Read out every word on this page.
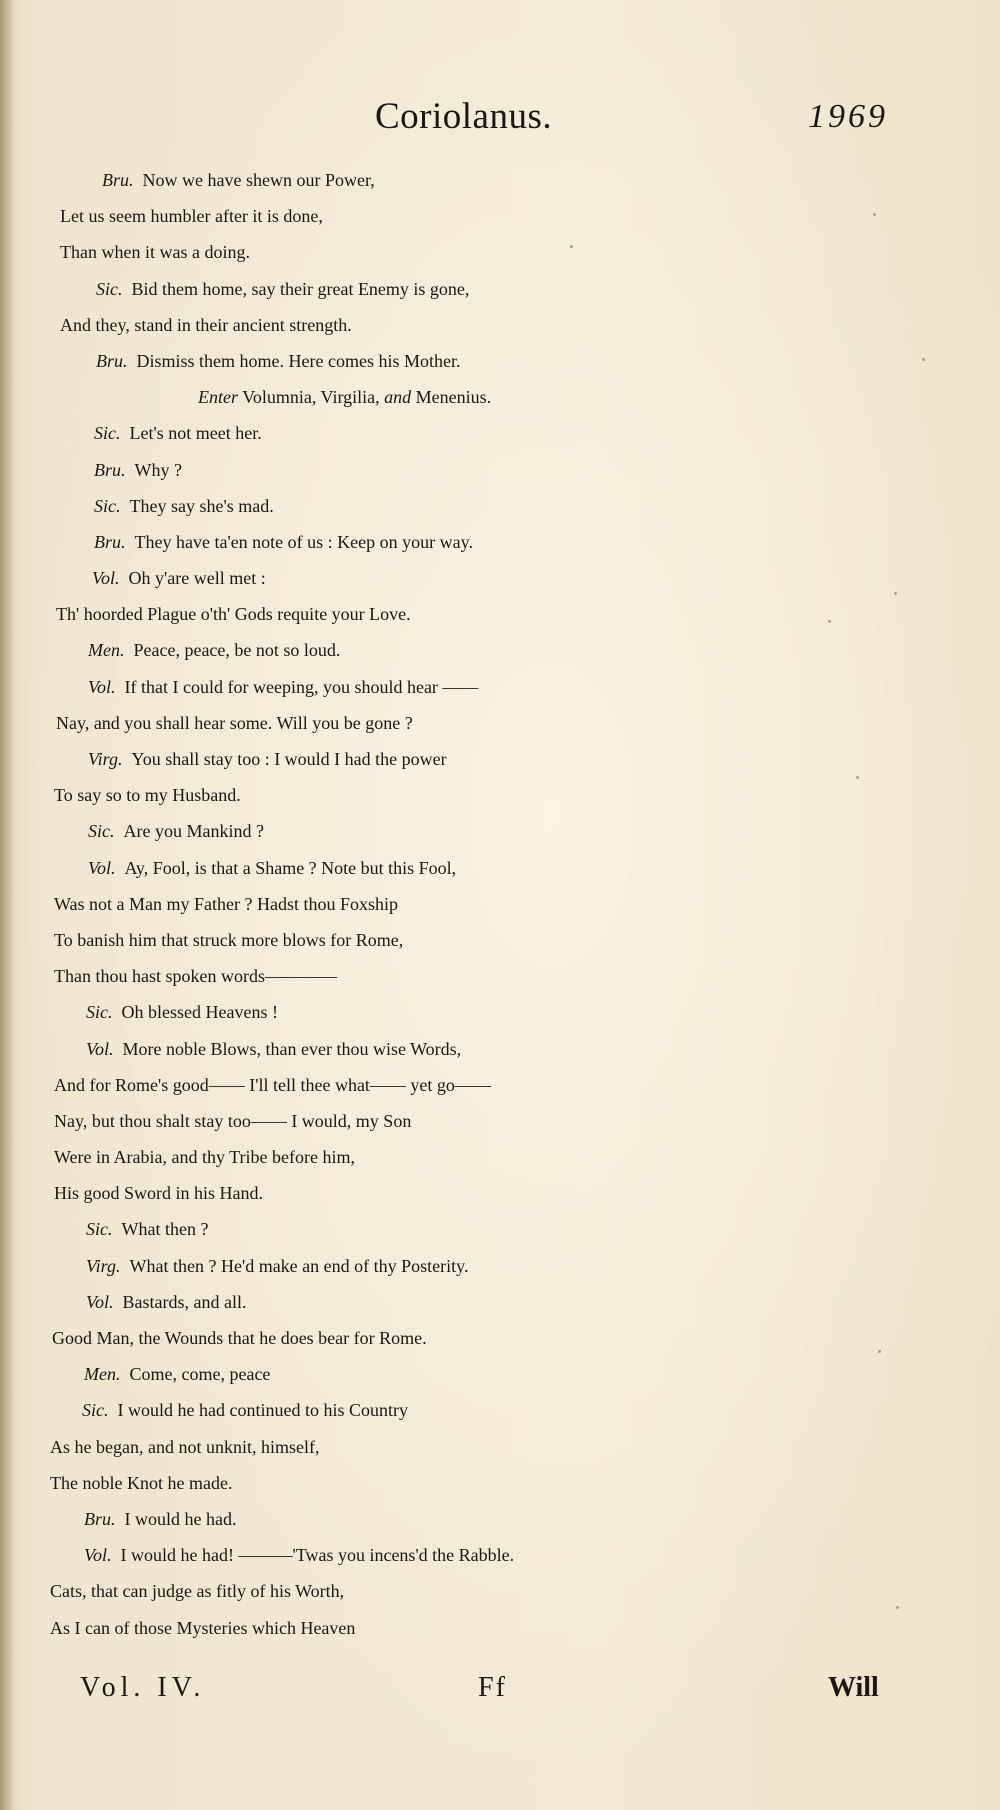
Coriolanus.	1969
Bru. Now we have shewn our Power,
Let us seem humbler after it is done,
Than when it was a doing.
Sic. Bid them home, say their great Enemy is gone,
And they, stand in their ancient strength.
Bru. Dismiss them home. Here comes his Mother.
Enter Volumnia, Virgilia, and Menenius.
Sic. Let's not meet her.
Bru. Why ?
Sic. They say she's mad.
Bru. They have ta'en note of us : Keep on your way.
Vol. Oh y'are well met :
Th' hoorded Plague o'th' Gods requite your Love.
Men. Peace, peace, be not so loud.
Vol. If that I could for weeping, you should hear ——
Nay, and you shall hear some. Will you be gone ?
Virg. You shall stay too : I would I had the power
To say so to my Husband.
Sic. Are you Mankind ?
Vol. Ay, Fool, is that a Shame ? Note but this Fool,
Was not a Man my Father ? Hadst thou Foxship
To banish him that struck more blows for Rome,
Than thou hast spoken words————
Sic. Oh blessed Heavens !
Vol. More noble Blows, than ever thou wise Words,
And for Rome's good—— I'll tell thee what—— yet go——
Nay, but thou shalt stay too—— I would, my Son
Were in Arabia, and thy Tribe before him,
His good Sword in his Hand.
Sic. What then ?
Virg. What then ? He'd make an end of thy Posterity.
Vol. Bastards, and all.
Good Man, the Wounds that he does bear for Rome.
Men. Come, come, peace
Sic. I would he had continued to his Country
As he began, and not unknit, himself,
The noble Knot he made.
Bru. I would he had.
Vol. I would he had! ———'Twas you incens'd the Rabble.
Cats, that can judge as fitly of his Worth,
As I can of those Mysteries which Heaven
Vol. IV.	Ff	Will
